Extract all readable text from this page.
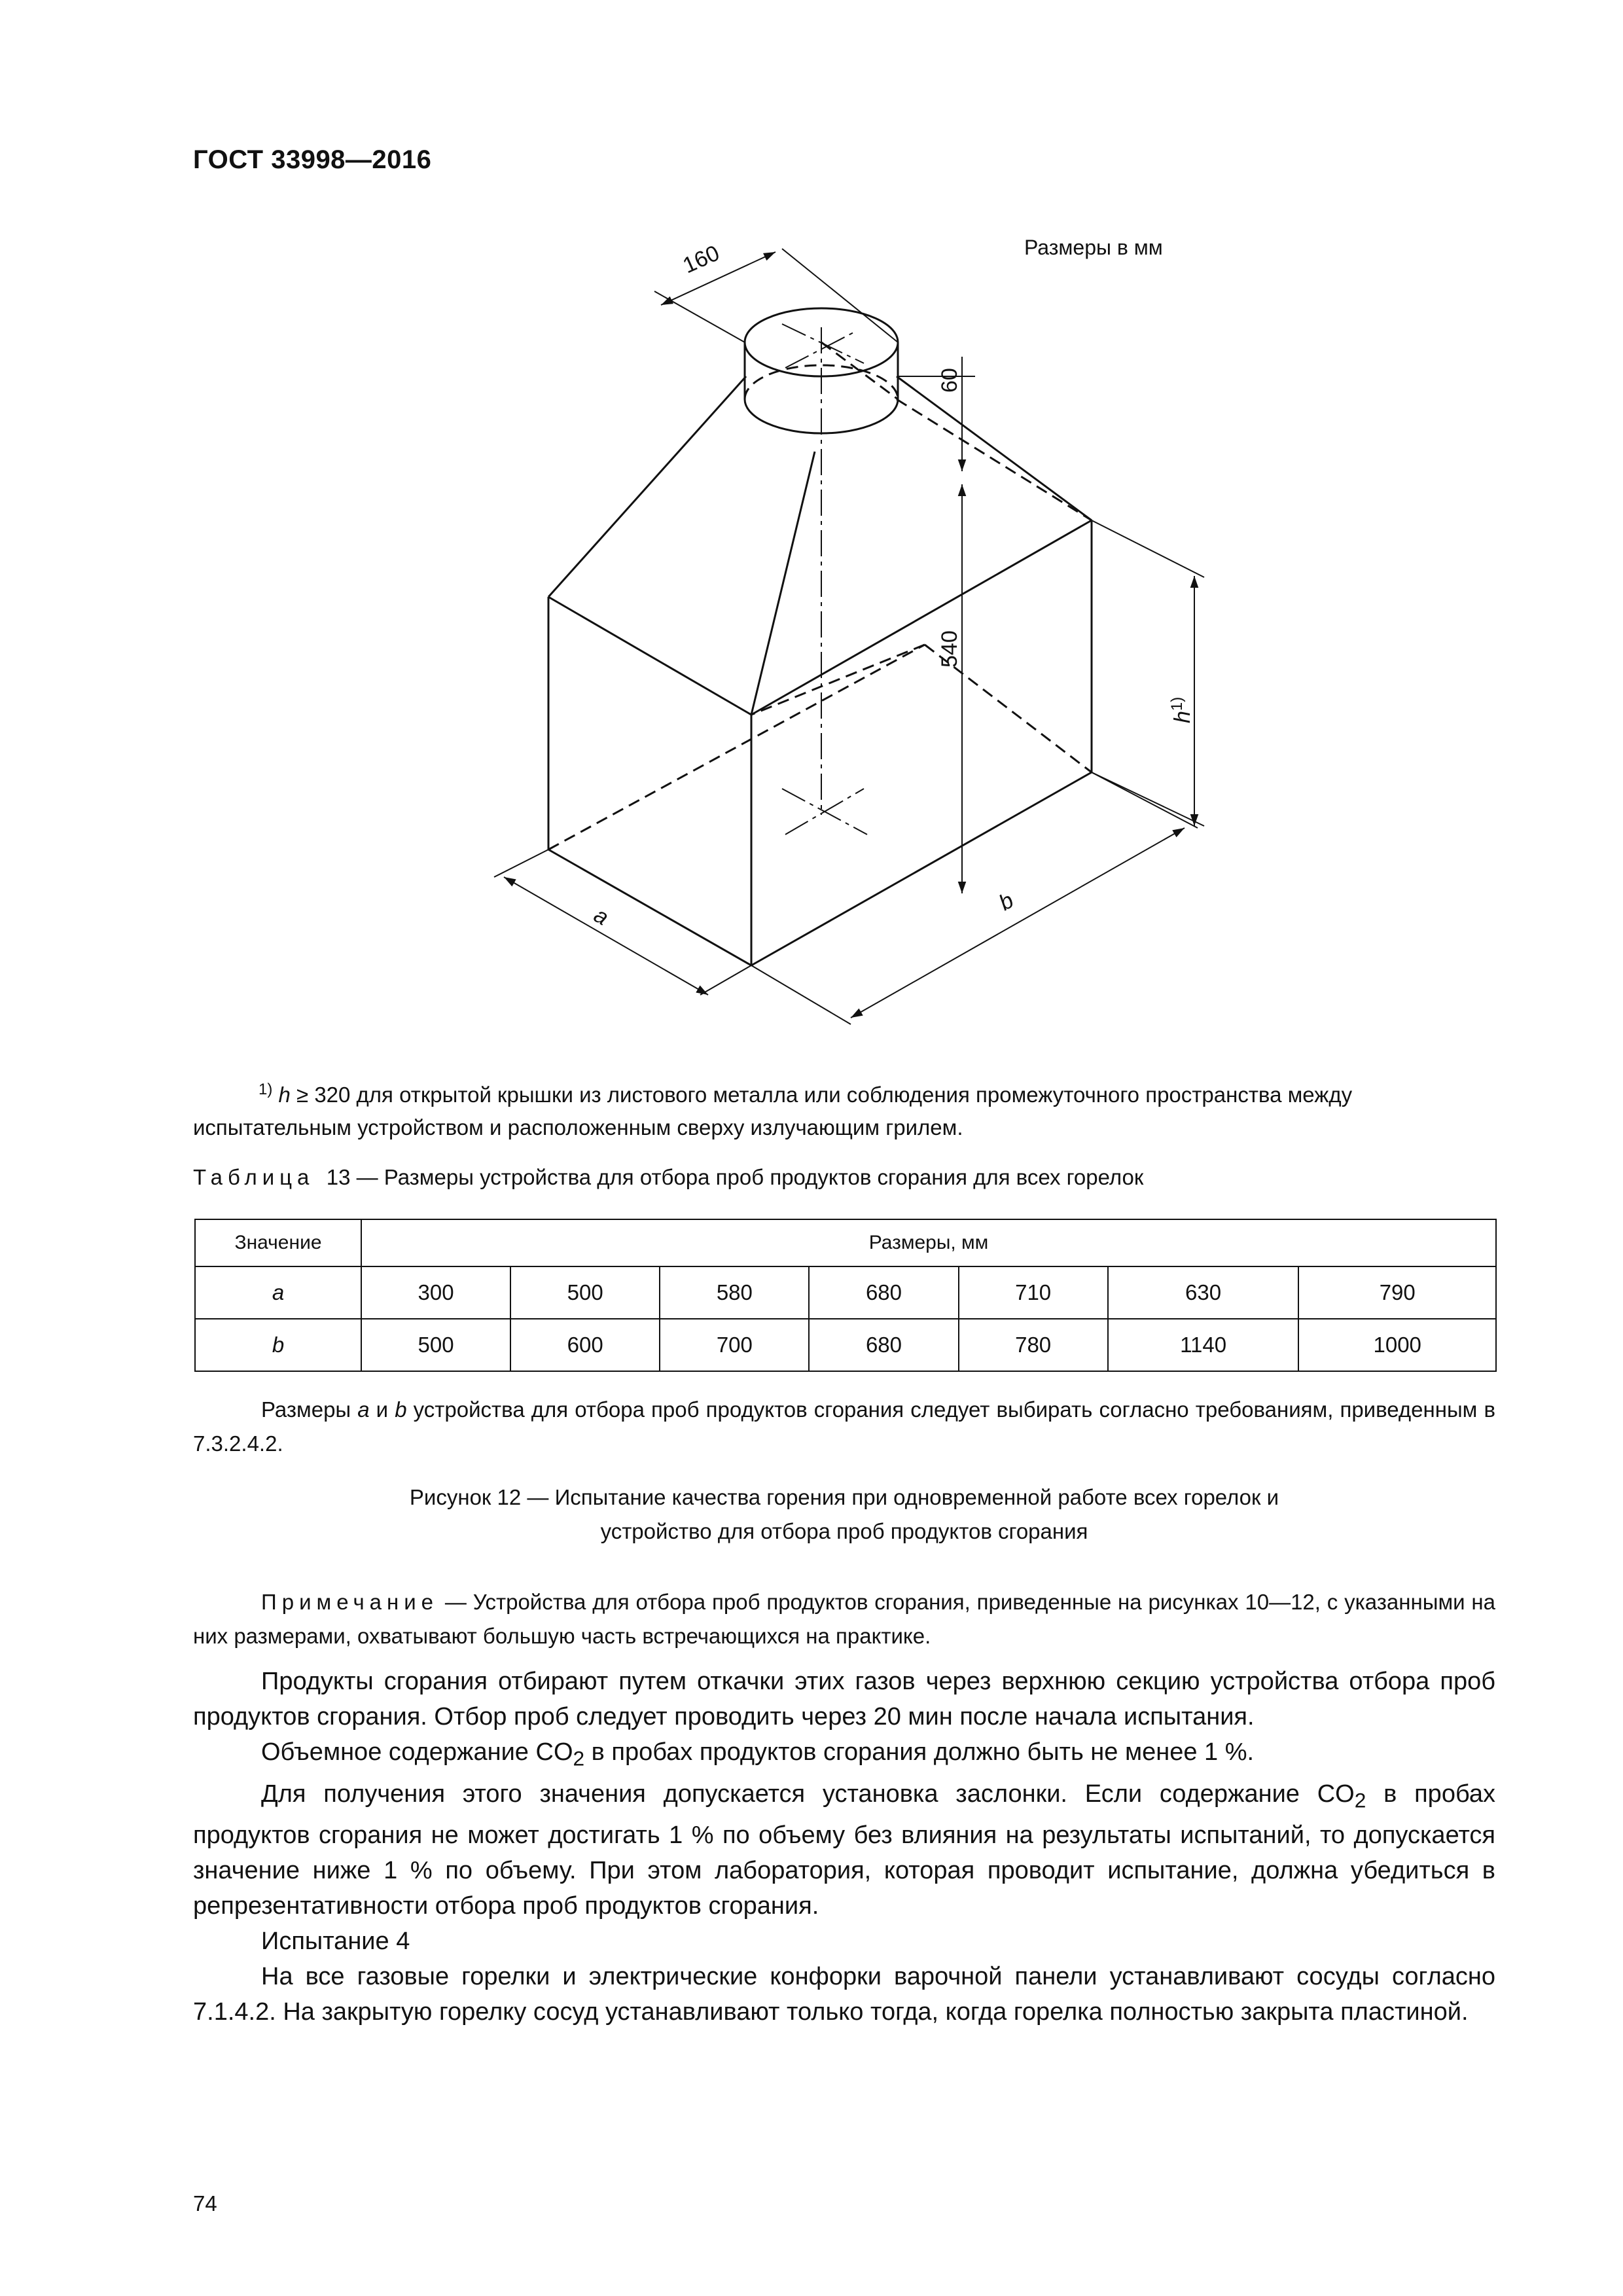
ГОСТ 33998—2016
Размеры в мм
160
60
540
$h^{1)}$
a
b
$^{1)}$ h ≥ 320 для открытой крышки из листового металла или соблюдения промежуточного пространства между испытательным устройством и расположенным сверху излучающим грилем.
Таблица 13 — Размеры устройства для отбора проб продуктов сгорания для всех горелок
Значение	Размеры, мм						
a	300	500	580	680	710	630	790
b	500	600	700	680	780	1140	1000
Размеры a и b устройства для отбора проб продуктов сгорания следует выбирать согласно требованиям, приведенным в 7.3.2.4.2.
Рисунок 12 — Испытание качества горения при одновременной работе всех горелок и
устройство для отбора проб продуктов сгорания
Примечание — Устройства для отбора проб продуктов сгорания, приведенные на рисунках 10—12, с указанными на них размерами, охватывают большую часть встречающихся на практике.

Продукты сгорания отбирают путем откачки этих газов через верхнюю секцию устройства отбора проб продуктов сгорания. Отбор проб следует проводить через 20 мин после начала испытания.

Объемное содержание $CO_2$ в пробах продуктов сгорания должно быть не менее 1 %.

Для получения этого значения допускается установка заслонки. Если содержание $CO_2$ в пробах продуктов сгорания не может достигать 1 % по объему без влияния на результаты испытаний, то допускается значение ниже 1 % по объему. При этом лаборатория, которая проводит испытание, должна убедиться в репрезентативности отбора проб продуктов сгорания.

Испытание 4

На все газовые горелки и электрические конфорки варочной панели устанавливают сосуды согласно 7.1.4.2. На закрытую горелку сосуд устанавливают только тогда, когда горелка полностью закрыта пластиной.

74
